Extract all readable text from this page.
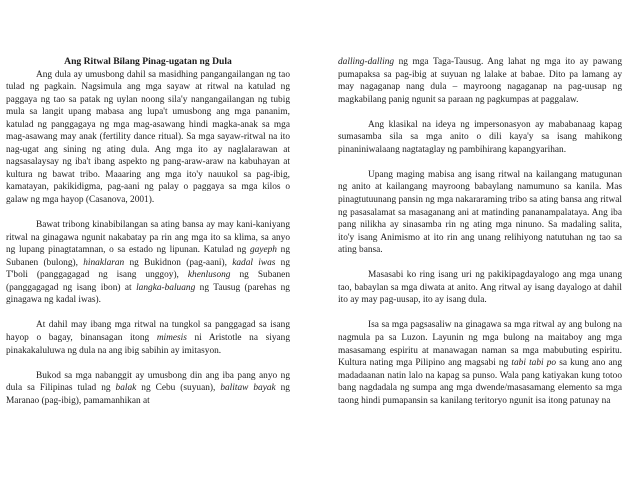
Ang Ritwal Bilang Pinag-ugatan ng Dula

Ang dula ay umusbong dahil sa masidhing pangangailangan ng tao tulad ng pagkain. Nagsimula ang mga sayaw at ritwal na katulad ng paggaya ng tao sa patak ng uylan noong sila'y nangangailangan ng tubig mula sa langit upang mabasa ang lupa't umusbong ang mga pananim, katulad ng panggagaya ng mga mag-asawang hindi magka-anak sa mga mag-asawang may anak (fertility dance ritual). Sa mga sayaw-ritwal na ito nag-ugat ang sining ng ating dula. Ang mga ito ay naglalarawan at nagsasalaysay ng iba't ibang aspekto ng pang-araw-araw na kabuhayan at kultura ng bawat tribo. Maaaring ang mga ito'y nauukol sa pag-ibig, kamatayan, pakikidigma, pag-aani ng palay o paggaya sa mga kilos o galaw ng mga hayop (Casanova, 2001).

Bawat tribong kinabibilangan sa ating bansa ay may kani-kaniyang ritwal na ginagawa ngunit nakabatay pa rin ang mga ito sa klima, sa anyo ng lupang pinagtatamnan, o sa estado ng lipunan. Katulad ng gayeph ng Subanen (bulong), hinaklaran ng Bukidnon (pag-aani), kadal iwas ng T'boli (panggagagad ng isang unggoy), khenlusong ng Subanen (panggagagad ng isang ibon) at langka-baluang ng Tausug (parehas ng ginagawa ng kadal iwas).

At dahil may ibang mga ritwal na tungkol sa panggagad sa isang hayop o bagay, binansagan itong mimesis ni Aristotle na siyang pinakakaluluwa ng dula na ang ibig sabihin ay imitasyon.

Bukod sa mga nabanggit ay umusbong din ang iba pang anyo ng dula sa Filipinas tulad ng balak ng Cebu (suyuan), balitaw bayak ng Maranao (pag-ibig), pamamanhikan at

dalling-dalling ng mga Taga-Tausug. Ang lahat ng mga ito ay pawang pumapaksa sa pag-ibig at suyuan ng lalake at babae. Dito pa lamang ay may nagaganap nang dula – mayroong nagaganap na pag-uusap ng magkabilang panig ngunit sa paraan ng pagkumpas at paggalaw.

Ang klasikal na ideya ng impersonasyon ay mababanaag kapag sumasamba sila sa mga anito o dili kaya'y sa isang mahikong pinaniniwalaang nagtataglay ng pambihirang kapangyarihan.

Upang maging mabisa ang isang ritwal na kailangang matugunan ng anito at kailangang mayroong babaylang namumuno sa kanila. Mas pinagtutuunang pansin ng mga nakararaming tribo sa ating bansa ang ritwal ng pasasalamat sa masaganang ani at matinding pananampalataya. Ang iba pang nilikha ay sinasamba rin ng ating mga ninuno. Sa madaling salita, ito'y isang Animismo at ito rin ang unang relihiyong natutuhan ng tao sa ating bansa.

Masasabi ko ring isang uri ng pakikipagdayalogo ang mga unang tao, babaylan sa mga diwata at anito. Ang ritwal ay isang dayalogo at dahil ito ay may pag-uusap, ito ay isang dula.

Isa sa mga pagsasaliw na ginagawa sa mga ritwal ay ang bulong na nagmula pa sa Luzon. Layunin ng mga bulong na maitaboy ang mga masasamang espiritu at manawagan naman sa mga mabubuting espiritu. Kultura nating mga Pilipino ang magsabi ng tabi tabi po sa kung ano ang madadaanan natin lalo na kapag sa punso. Wala pang katiyakan kung totoo bang nagdadala ng sumpa ang mga dwende/masasamang elemento sa mga taong hindi pumapansin sa kanilang teritoryo ngunit isa itong patunay na
